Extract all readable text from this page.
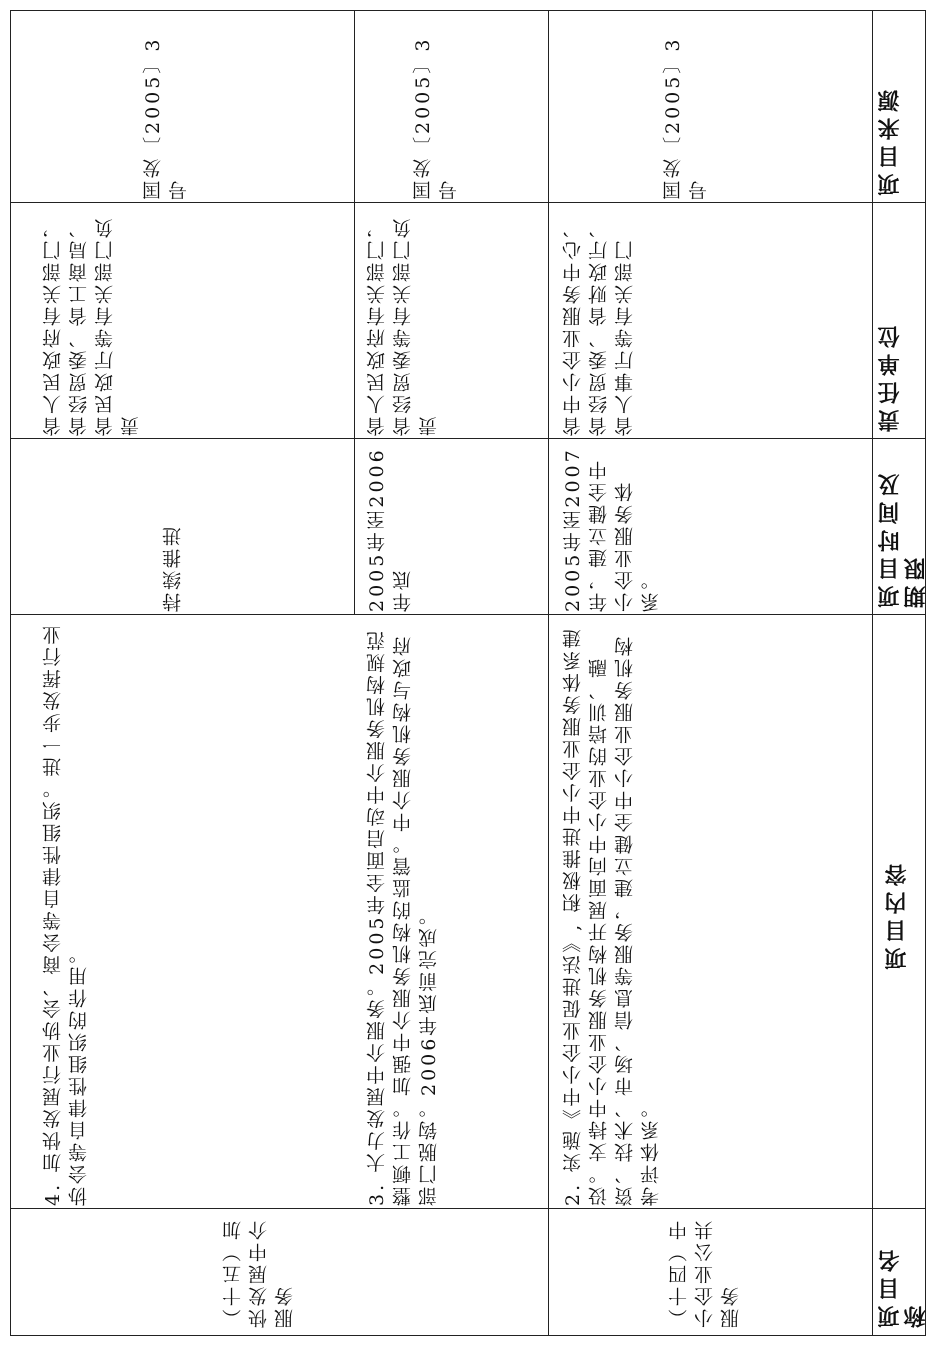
项目名称
项目内容
项目时间及期限
责任单位
项目来源
（十四）中小企业公共服务
2. 实施《中小企业促进法》, 积极推进中小企业服务体系建设。支持中小企业服务机构开展面向中小企业的培训、融资、技术、市场、信息等服务，建立健全中小企业服务机构考评体系。
2005年至2007年，建立健全中小企业服务体系。
省中小企业服务中心、省经贸委、省财政厅、省人事厅等有关部门
国发〔2005〕3号
（十五）加快发展中介服务
3. 大力发展中介服务。2005年全面启动中介服务机构规范整顿工作。加强中介服务机构的监管。中介服务机构与政府部门脱钩。2006年底前完成。
2005年至2006年底
省人民政府有关部门，省经贸委等有关部门负责
国发〔2005〕3号
4. 加快发展行业协会、商会等自律性组织。进一步发挥行业协会等自律性组织的作用。
持续推进
省人民政府有关部门，省经贸委、省工商局、省民政厅等有关部门负责
国发〔2005〕3号
